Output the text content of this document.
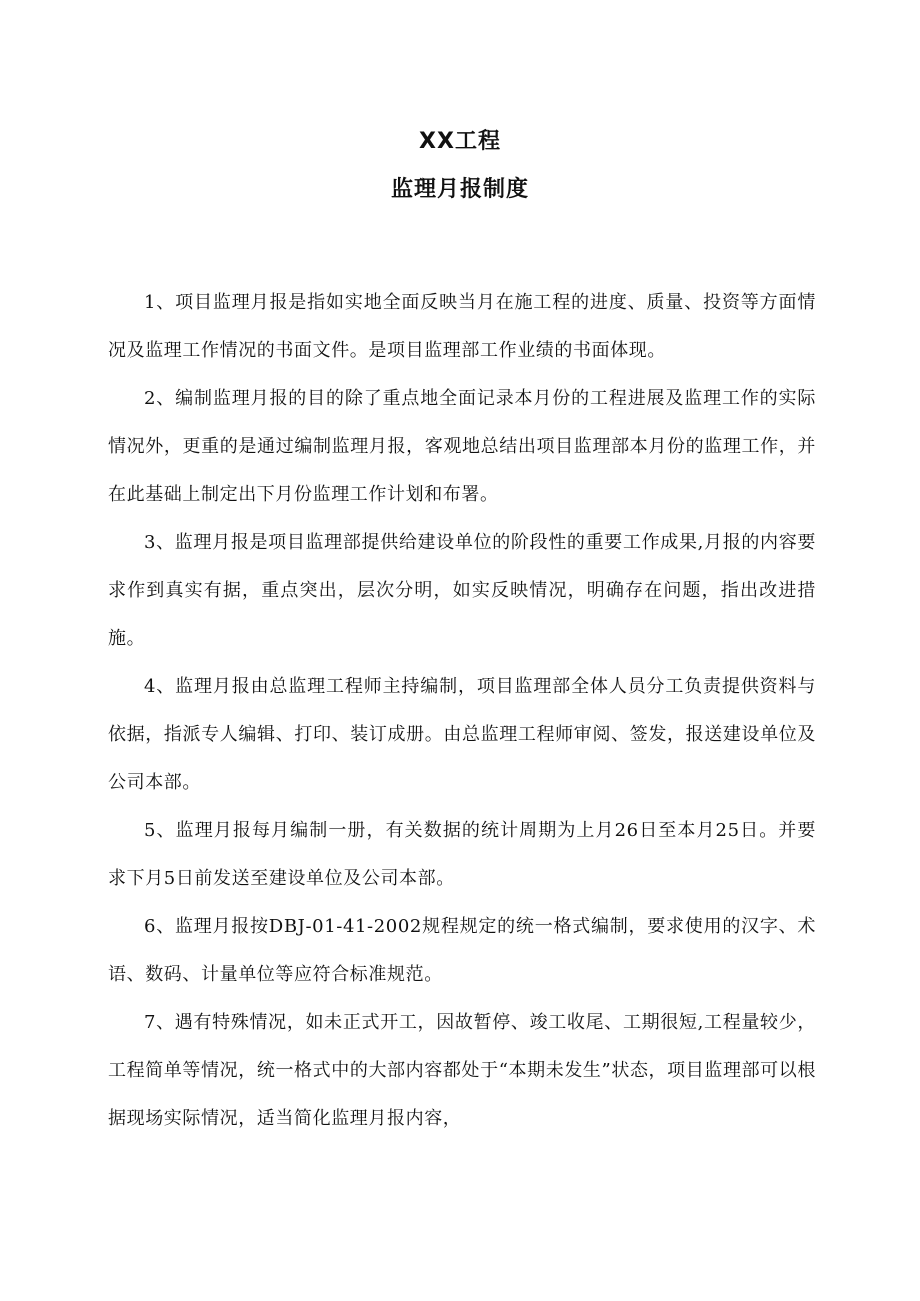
XX工程
监理月报制度

1、项目监理月报是指如实地全面反映当月在施工程的进度、质量、投资等方面情况及监理工作情况的书面文件。是项目监理部工作业绩的书面体现。

2、编制监理月报的目的除了重点地全面记录本月份的工程进展及监理工作的实际情况外，更重的是通过编制监理月报，客观地总结出项目监理部本月份的监理工作，并在此基础上制定出下月份监理工作计划和布署。

3、监理月报是项目监理部提供给建设单位的阶段性的重要工作成果,月报的内容要求作到真实有据，重点突出，层次分明，如实反映情况，明确存在问题，指出改进措施。

4、监理月报由总监理工程师主持编制，项目监理部全体人员分工负责提供资料与依据，指派专人编辑、打印、装订成册。由总监理工程师审阅、签发，报送建设单位及公司本部。

5、监理月报每月编制一册，有关数据的统计周期为上月26日至本月25日。并要求下月5日前发送至建设单位及公司本部。

6、监理月报按DBJ-01-41-2002规程规定的统一格式编制，要求使用的汉字、术语、数码、计量单位等应符合标准规范。

7、遇有特殊情况，如未正式开工，因故暂停、竣工收尾、工期很短,工程量较少，工程简单等情况，统一格式中的大部内容都处于“本期未发生”状态，项目监理部可以根据现场实际情况，适当简化监理月报内容，
